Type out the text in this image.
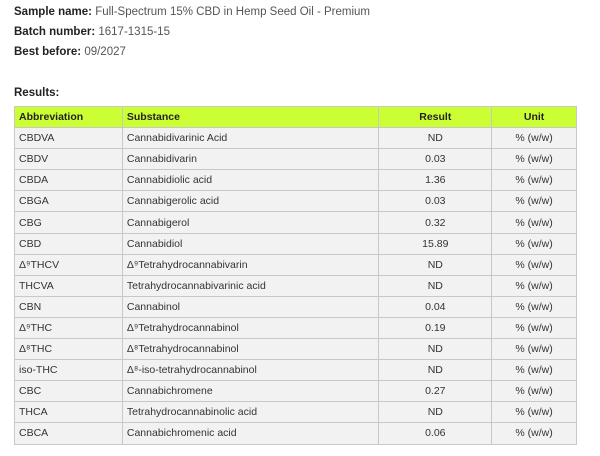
Sample name: Full-Spectrum 15% CBD in Hemp Seed Oil - Premium
Batch number: 1617-1315-15
Best before: 09/2027
Results:
Abbreviation	Substance	Result	Unit
CBDVA	Cannabidivarinic Acid	ND	% (w/w)
CBDV	Cannabidivarin	0.03	% (w/w)
CBDA	Cannabidiolic acid	1.36	% (w/w)
CBGA	Cannabigerolic acid	0.03	% (w/w)
CBG	Cannabigerol	0.32	% (w/w)
CBD	Cannabidiol	15.89	% (w/w)
Δ⁹THCV	Δ⁹Tetrahydrocannabivarin	ND	% (w/w)
THCVA	Tetrahydrocannabivarinic acid	ND	% (w/w)
CBN	Cannabinol	0.04	% (w/w)
Δ⁹THC	Δ⁹Tetrahydrocannabinol	0.19	% (w/w)
Δ⁸THC	Δ⁸Tetrahydrocannabinol	ND	% (w/w)
iso-THC	Δ⁸-iso-tetrahydrocannabinol	ND	% (w/w)
CBC	Cannabichromene	0.27	% (w/w)
THCA	Tetrahydrocannabinolic acid	ND	% (w/w)
CBCA	Cannabichromenic acid	0.06	% (w/w)
